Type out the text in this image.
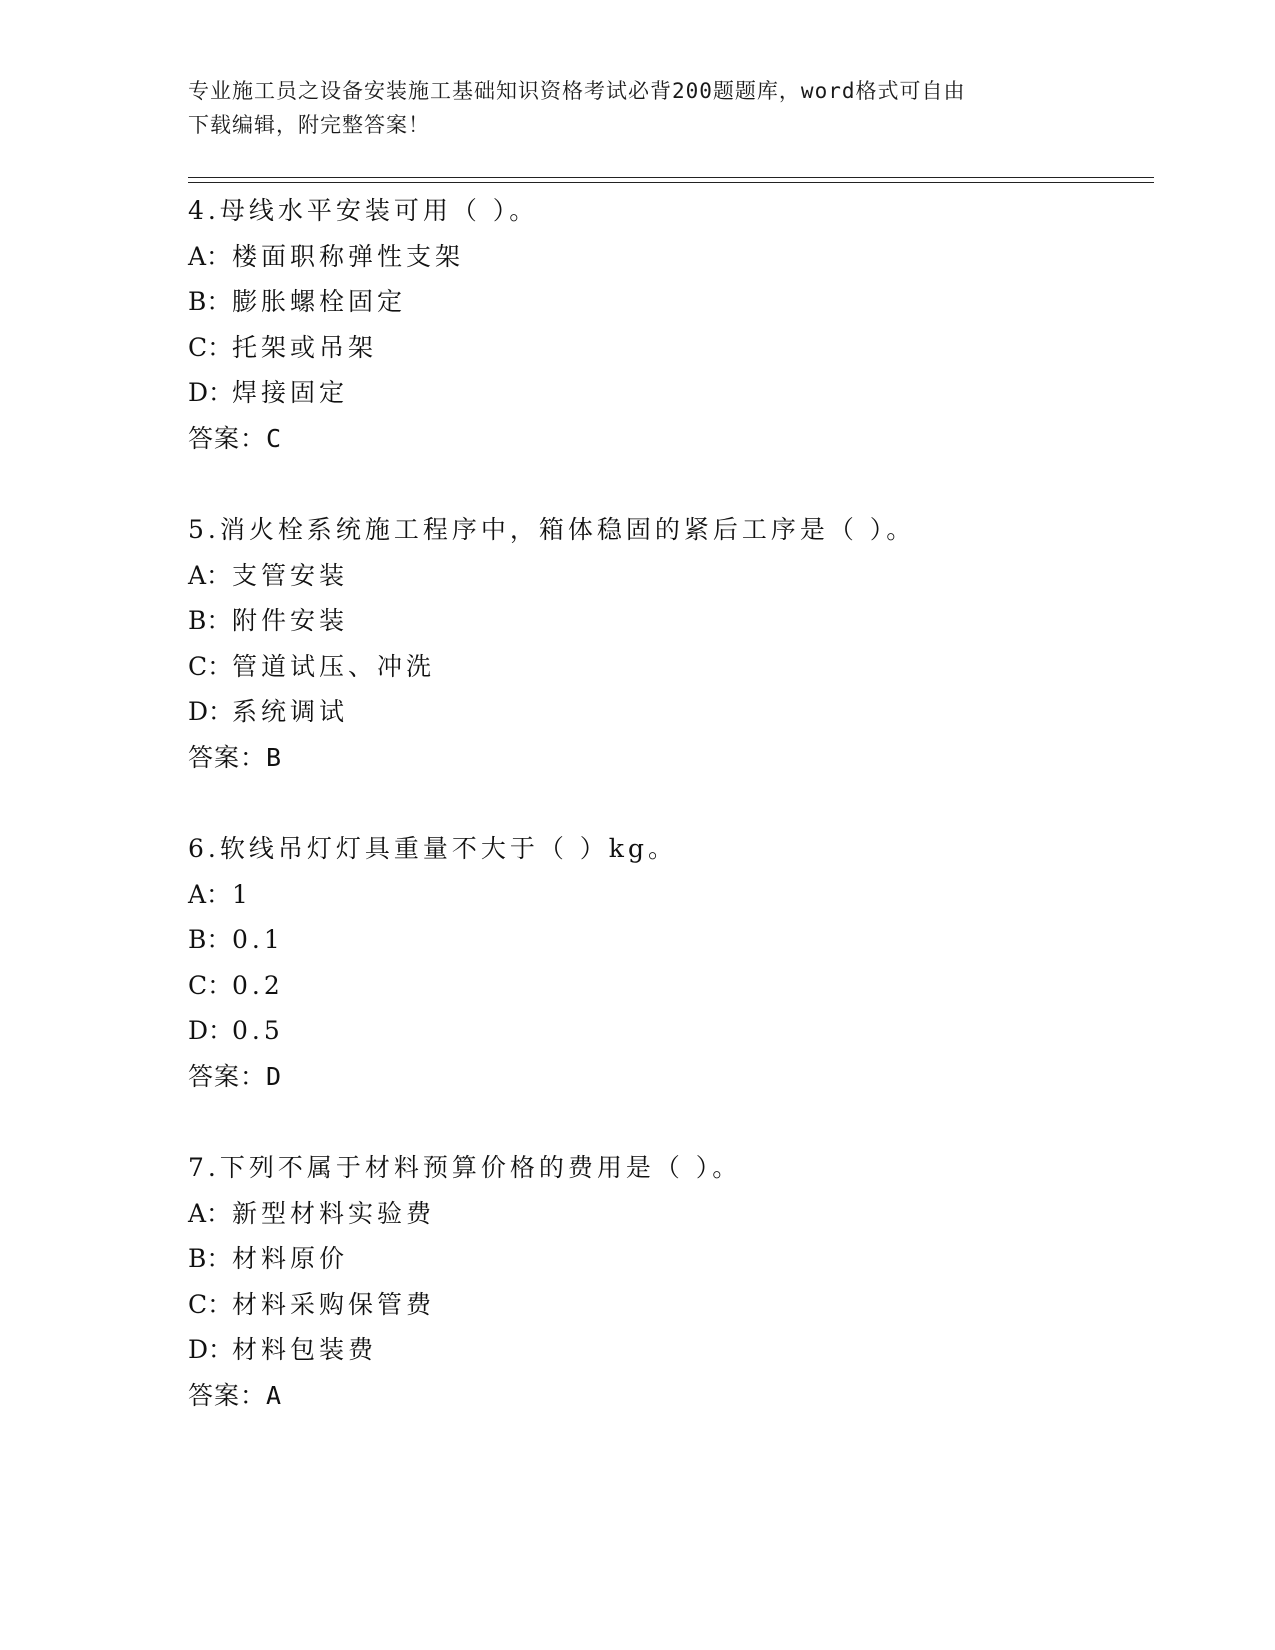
专业施工员之设备安装施工基础知识资格考试必背200题题库，word格式可自由
下载编辑，附完整答案！
4.母线水平安装可用（ ）。
A：楼面职称弹性支架
B：膨胀螺栓固定
C：托架或吊架
D：焊接固定
答案：C
5.消火栓系统施工程序中，箱体稳固的紧后工序是（ ）。
A：支管安装
B：附件安装
C：管道试压、冲洗
D：系统调试
答案：B
6.软线吊灯灯具重量不大于（ ）kg。
A：1
B：0.1
C：0.2
D：0.5
答案：D
7.下列不属于材料预算价格的费用是（ ）。
A：新型材料实验费
B：材料原价
C：材料采购保管费
D：材料包装费
答案：A
